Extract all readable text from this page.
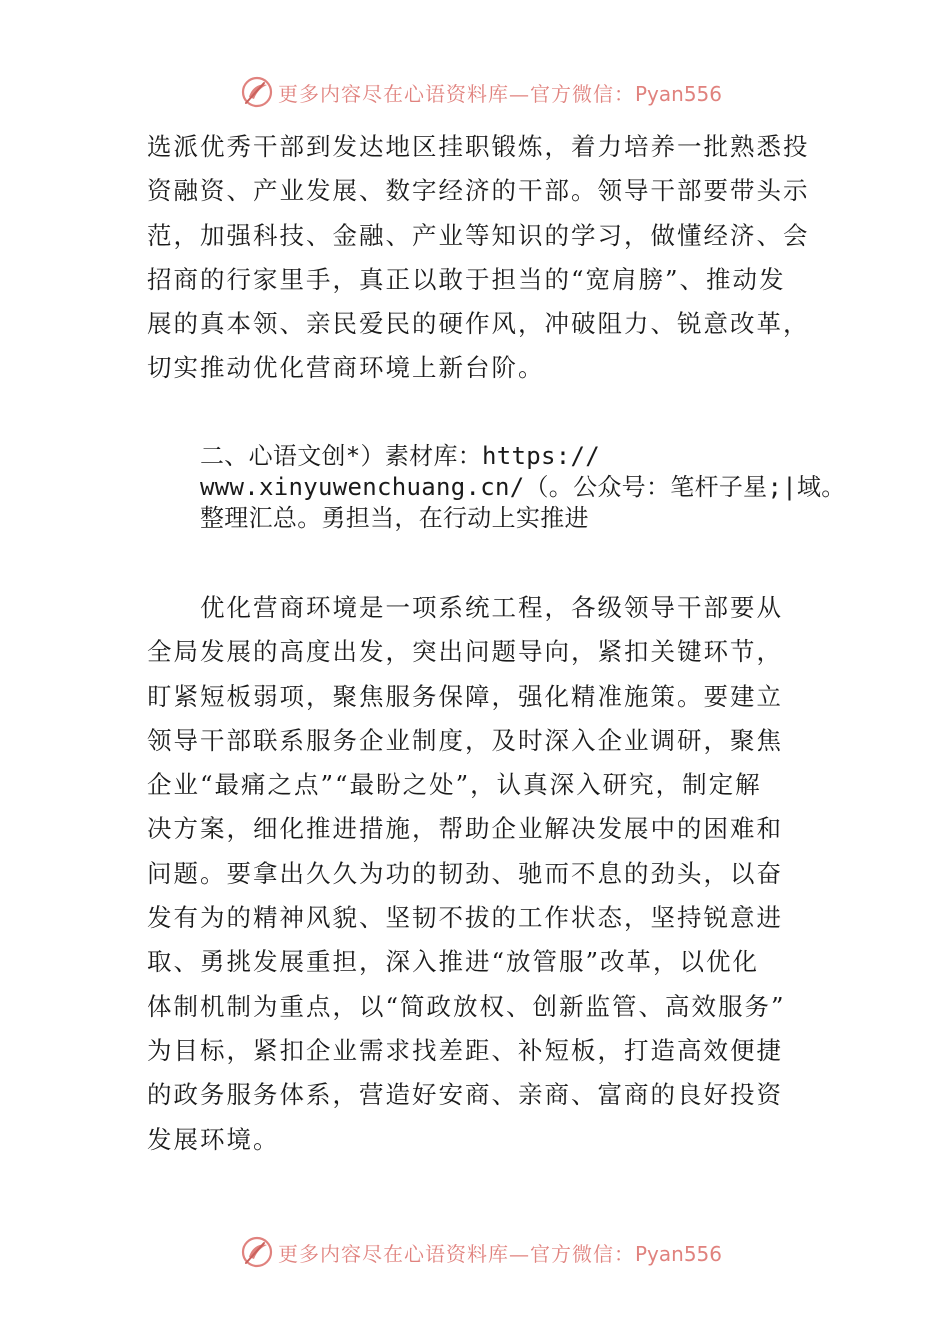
更多内容尽在心语资料库—官方微信：Pyan556
选派优秀干部到发达地区挂职锻炼，着力培养一批熟悉投
资融资、产业发展、数字经济的干部。领导干部要带头示
范，加强科技、金融、产业等知识的学习，做懂经济、会
招商的行家里手，真正以敢于担当的“宽肩膀”、推动发
展的真本领、亲民爱民的硬作风，冲破阻力、锐意改革，
切实推动优化营商环境上新台阶。
二、心语文创*）素材库：https://
www.xinyuwenchuang.cn/（。公众号：笔杆子星;|域。
整理汇总。勇担当，在行动上实推进
　　优化营商环境是一项系统工程，各级领导干部要从
全局发展的高度出发，突出问题导向，紧扣关键环节，
盯紧短板弱项，聚焦服务保障，强化精准施策。要建立
领导干部联系服务企业制度，及时深入企业调研，聚焦
企业“最痛之点”“最盼之处”，认真深入研究，制定解
决方案，细化推进措施，帮助企业解决发展中的困难和
问题。要拿出久久为功的韧劲、驰而不息的劲头，以奋
发有为的精神风貌、坚韧不拔的工作状态，坚持锐意进
取、勇挑发展重担，深入推进“放管服”改革，以优化
体制机制为重点，以“简政放权、创新监管、高效服务”
为目标，紧扣企业需求找差距、补短板，打造高效便捷
的政务服务体系，营造好安商、亲商、富商的良好投资
发展环境。
更多内容尽在心语资料库—官方微信：Pyan556
